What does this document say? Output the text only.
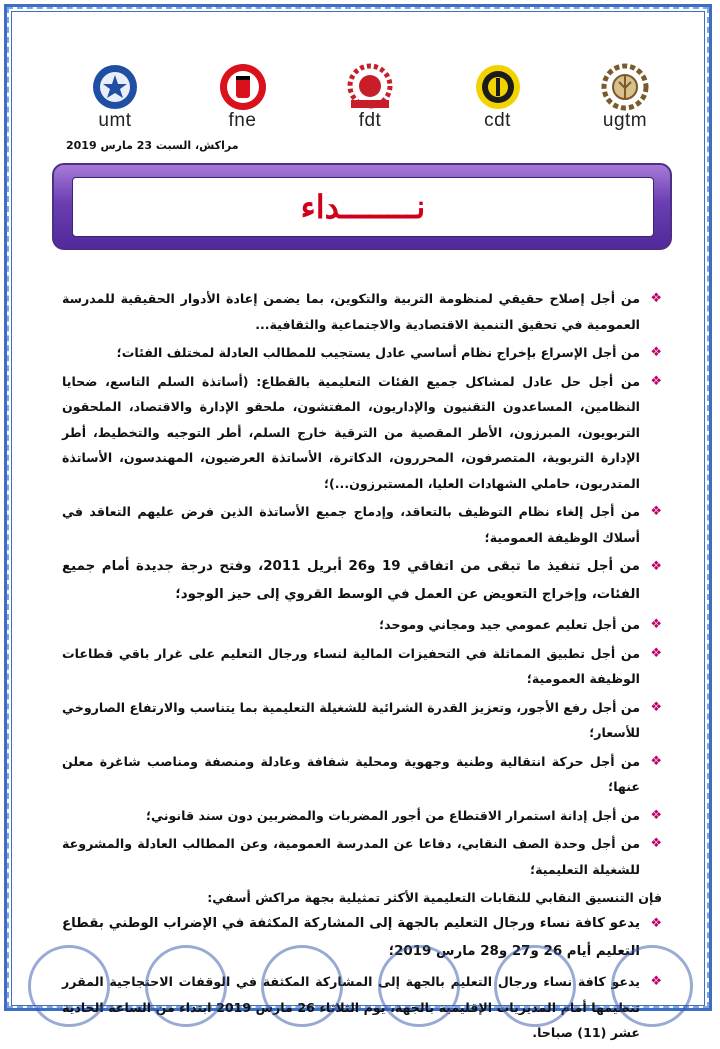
umt	fne	fdt	cdt	ugtm
مراكش، السبت 23 مارس 2019
نــــــــداء
❖
من أجل إصلاح حقيقي لمنظومة التربية والتكوين، بما يضمن إعادة الأدوار الحقيقية للمدرسة العمومية في تحقيق التنمية الاقتصادية والاجتماعية والثقافية...
❖
من أجل الإسراع بإخراج نظام أساسي عادل يستجيب للمطالب العادلة لمختلف الفئات؛
❖
من أجل حل عادل لمشاكل جميع الفئات التعليمية بالقطاع: (أساتذة السلم التاسع، ضحايا النظامين، المساعدون التقنيون والإداريون، المفتشون، ملحقو الإدارة والاقتصاد، الملحقون التربويون، المبرزون، الأطر المقصية من الترقية خارج السلم، أطر التوجيه والتخطيط، أطر الإدارة التربوية، المتصرفون، المحررون، الدكاترة، الأساتذة العرضيون، المهندسون، الأساتذة المتدربون، حاملي الشهادات العليا، المستبرزون...)؛
❖
من أجل إلغاء نظام التوظيف بالتعاقد، وإدماج جميع الأساتذة الذين فرض عليهم التعاقد في أسلاك الوظيفة العمومية؛
❖
من أجل تنفيذ ما تبقى من اتفاقي 19 و26 أبريل 2011، وفتح درجة جديدة أمام جميع الفئات، وإخراج التعويض عن العمل في الوسط القروي إلى حيز الوجود؛
❖
من أجل تعليم عمومي جيد ومجاني وموحد؛
❖
من أجل تطبيق المماثلة في التحفيزات المالية لنساء ورجال التعليم على غرار باقي قطاعات الوظيفة العمومية؛
❖
من أجل رفع الأجور، وتعزيز القدرة الشرائية للشغيلة التعليمية بما يتناسب والارتفاع الصاروخي للأسعار؛
❖
من أجل حركة انتقالية وطنية وجهوية ومحلية شفافة وعادلة ومنصفة ومناصب شاغرة معلن عنها؛
❖
من أجل إدانة استمرار الاقتطاع من أجور المضربات والمضربين دون سند قانوني؛
❖
من أجل وحدة الصف النقابي، دفاعا عن المدرسة العمومية، وعن المطالب العادلة والمشروعة للشغيلة التعليمية؛
فإن التنسيق النقابي للنقابات التعليمية الأكثر تمثيلية بجهة مراكش أسفي:
❖
يدعو كافة نساء ورجال التعليم بالجهة إلى المشاركة المكثفة في الإضراب الوطني بقطاع التعليم أيام 26 و27 و28 مارس 2019؛
❖
يدعو كافة نساء ورجال التعليم بالجهة إلى المشاركة المكثفة في الوقفات الاحتجاجية المقرر تنظيمها أمام المديريات الإقليمية بالجهة، يوم الثلاثاء 26 مارس 2019 ابتداء من الساعة الحادية عشر (11) صباحا.
